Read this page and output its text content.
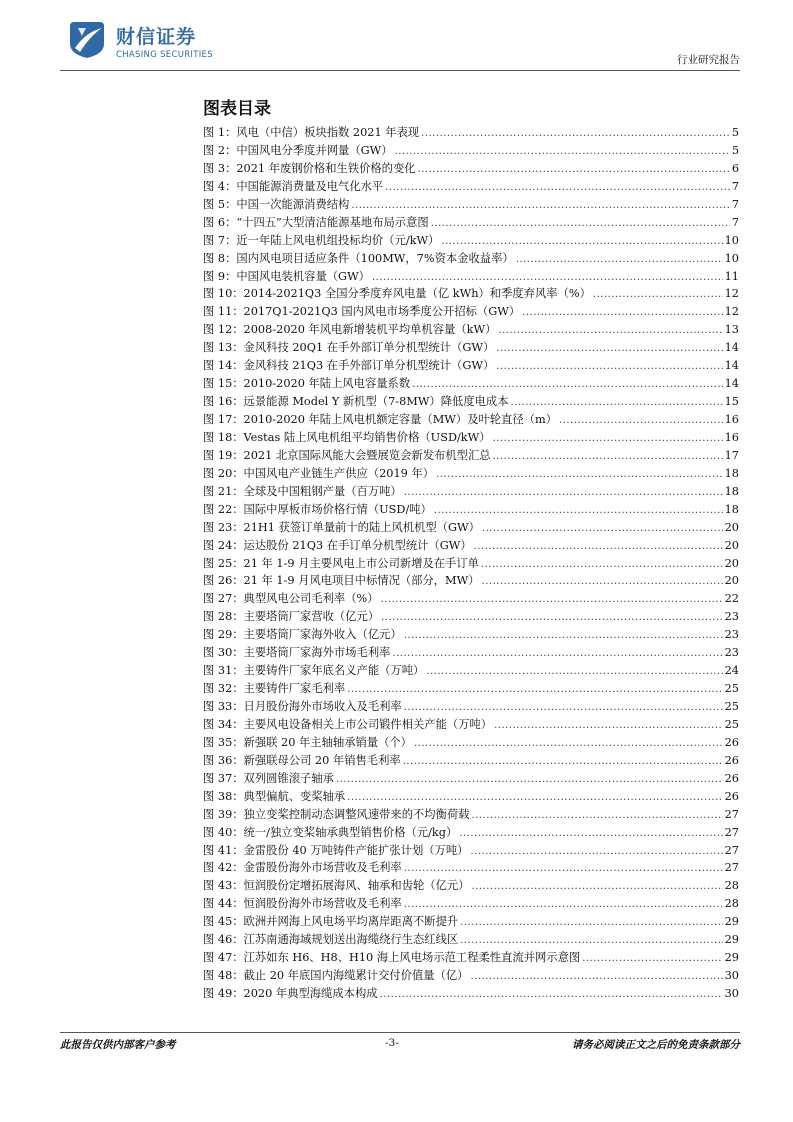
财信证券
CHASING SECURITIES	行业研究报告
图表目录
图 1：风电（中信）板块指数 2021 年表现 .....	5
图 2：中国风电分季度并网量（GW） .....	5
图 3：2021 年废钢价格和生铁价格的变化 .....	6
图 4：中国能源消费量及电气化水平 .....	7
图 5：中国一次能源消费结构 .....	7
图 6：“十四五”大型清洁能源基地布局示意图 .....	7
图 7：近一年陆上风电机组投标均价（元/kW） .....	10
图 8：国内风电项目适应条件（100MW，7%资本金收益率） .....	10
图 9：中国风电装机容量（GW） .....	11
图 10：2014-2021Q3 全国分季度弃风电量（亿 kWh）和季度弃风率（%） .....	12
图 11：2017Q1-2021Q3 国内风电市场季度公开招标（GW） .....	12
图 12：2008-2020 年风电新增装机平均单机容量（kW） .....	13
图 13：金风科技 20Q1 在手外部订单分机型统计（GW） .....	14
图 14：金风科技 21Q3 在手外部订单分机型统计（GW） .....	14
图 15：2010-2020 年陆上风电容量系数 .....	14
图 16：远景能源 Model Y 新机型（7-8MW）降低度电成本 .....	15
图 17：2010-2020 年陆上风电机额定容量（MW）及叶轮直径（m） .....	16
图 18：Vestas 陆上风电机组平均销售价格（USD/kW） .....	16
图 19：2021 北京国际风能大会暨展览会新发布机型汇总 .....	17
图 20：中国风电产业链生产供应（2019 年） .....	18
图 21：全球及中国粗钢产量（百万吨） .....	18
图 22：国际中厚板市场价格行情（USD/吨） .....	18
图 23：21H1 获签订单量前十的陆上风机机型（GW） .....	20
图 24：运达股份 21Q3 在手订单分机型统计（GW） .....	20
图 25：21 年 1-9 月主要风电上市公司新增及在手订单 .....	20
图 26：21 年 1-9 月风电项目中标情况（部分，MW） .....	20
图 27：典型风电公司毛利率（%） .....	22
图 28：主要塔筒厂家营收（亿元） .....	23
图 29：主要塔筒厂家海外收入（亿元） .....	23
图 30：主要塔筒厂家海外市场毛利率 .....	23
图 31：主要铸件厂家年底名义产能（万吨） .....	24
图 32：主要铸件厂家毛利率 .....	25
图 33：日月股份海外市场收入及毛利率 .....	25
图 34：主要风电设备相关上市公司锻件相关产能（万吨） .....	25
图 35：新强联 20 年主轴轴承销量（个） .....	26
图 36：新强联母公司 20 年销售毛利率 .....	26
图 37：双列圆锥滚子轴承 .....	26
图 38：典型偏航、变桨轴承 .....	26
图 39：独立变桨控制动态调整风速带来的不均衡荷载 .....	27
图 40：统一/独立变桨轴承典型销售价格（元/kg） .....	27
图 41：金雷股份 40 万吨铸件产能扩张计划（万吨） .....	27
图 42：金雷股份海外市场营收及毛利率 .....	27
图 43：恒润股份定增拓展海风、轴承和齿轮（亿元） .....	28
图 44：恒润股份海外市场营收及毛利率 .....	28
图 45：欧洲并网海上风电场平均离岸距离不断提升 .....	29
图 46：江苏南通海域规划送出海缆绕行生态红线区 .....	29
图 47：江苏如东 H6、H8、H10 海上风电场示范工程柔性直流并网示意图 .....	29
图 48：截止 20 年底国内海缆累计交付价值量（亿） .....	30
图 49：2020 年典型海缆成本构成 .....	30
此报告仅供内部客户参考	-3-	请务必阅读正文之后的免责条款部分
